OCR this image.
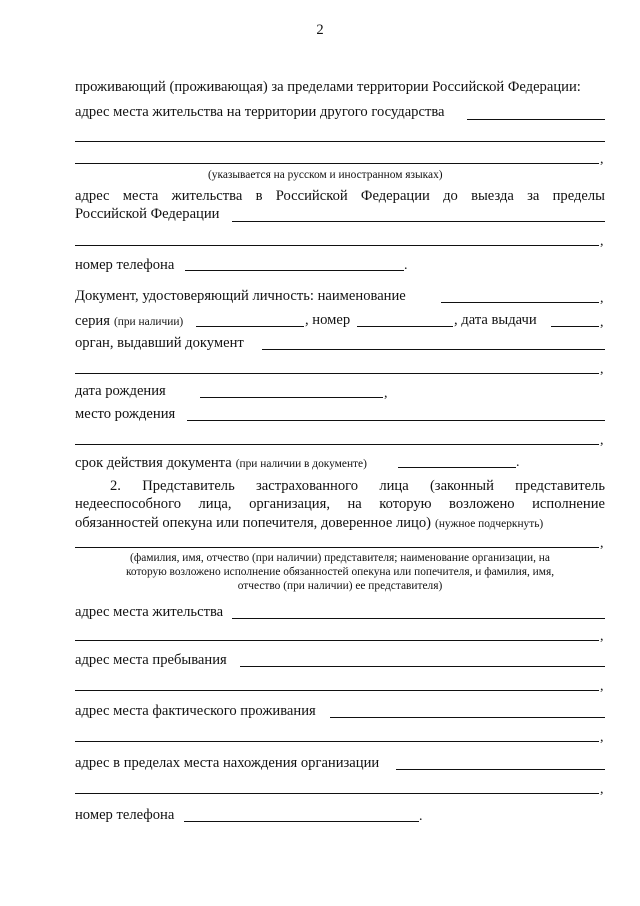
2
проживающий (проживающая) за пределами территории Российской Федерации:
адрес места жительства на территории другого государства
,
(указывается на русском и иностранном языках)
адрес места жительства в Российской Федерации до выезда за пределы
Российской Федерации
,
номер телефона	.
Документ, удостоверяющий личность: наименование	,
серия (при наличии)	, номер	, дата выдачи	,
орган, выдавший документ
,
дата рождения	,
место рождения
,
срок действия документа (при наличии в документе)	.
2. Представитель застрахованного лица (законный представитель
недееспособного лица, организация, на которую возложено исполнение
обязанностей опекуна или попечителя, доверенное лицо) (нужное подчеркнуть)
,
(фамилия, имя, отчество (при наличии) представителя; наименование организации, на
которую возложено исполнение обязанностей опекуна или попечителя, и фамилия, имя,
отчество (при наличии) ее представителя)
адрес места жительства
,
адрес места пребывания
,
адрес места фактического проживания
,
адрес в пределах места нахождения организации
,
номер телефона	.
